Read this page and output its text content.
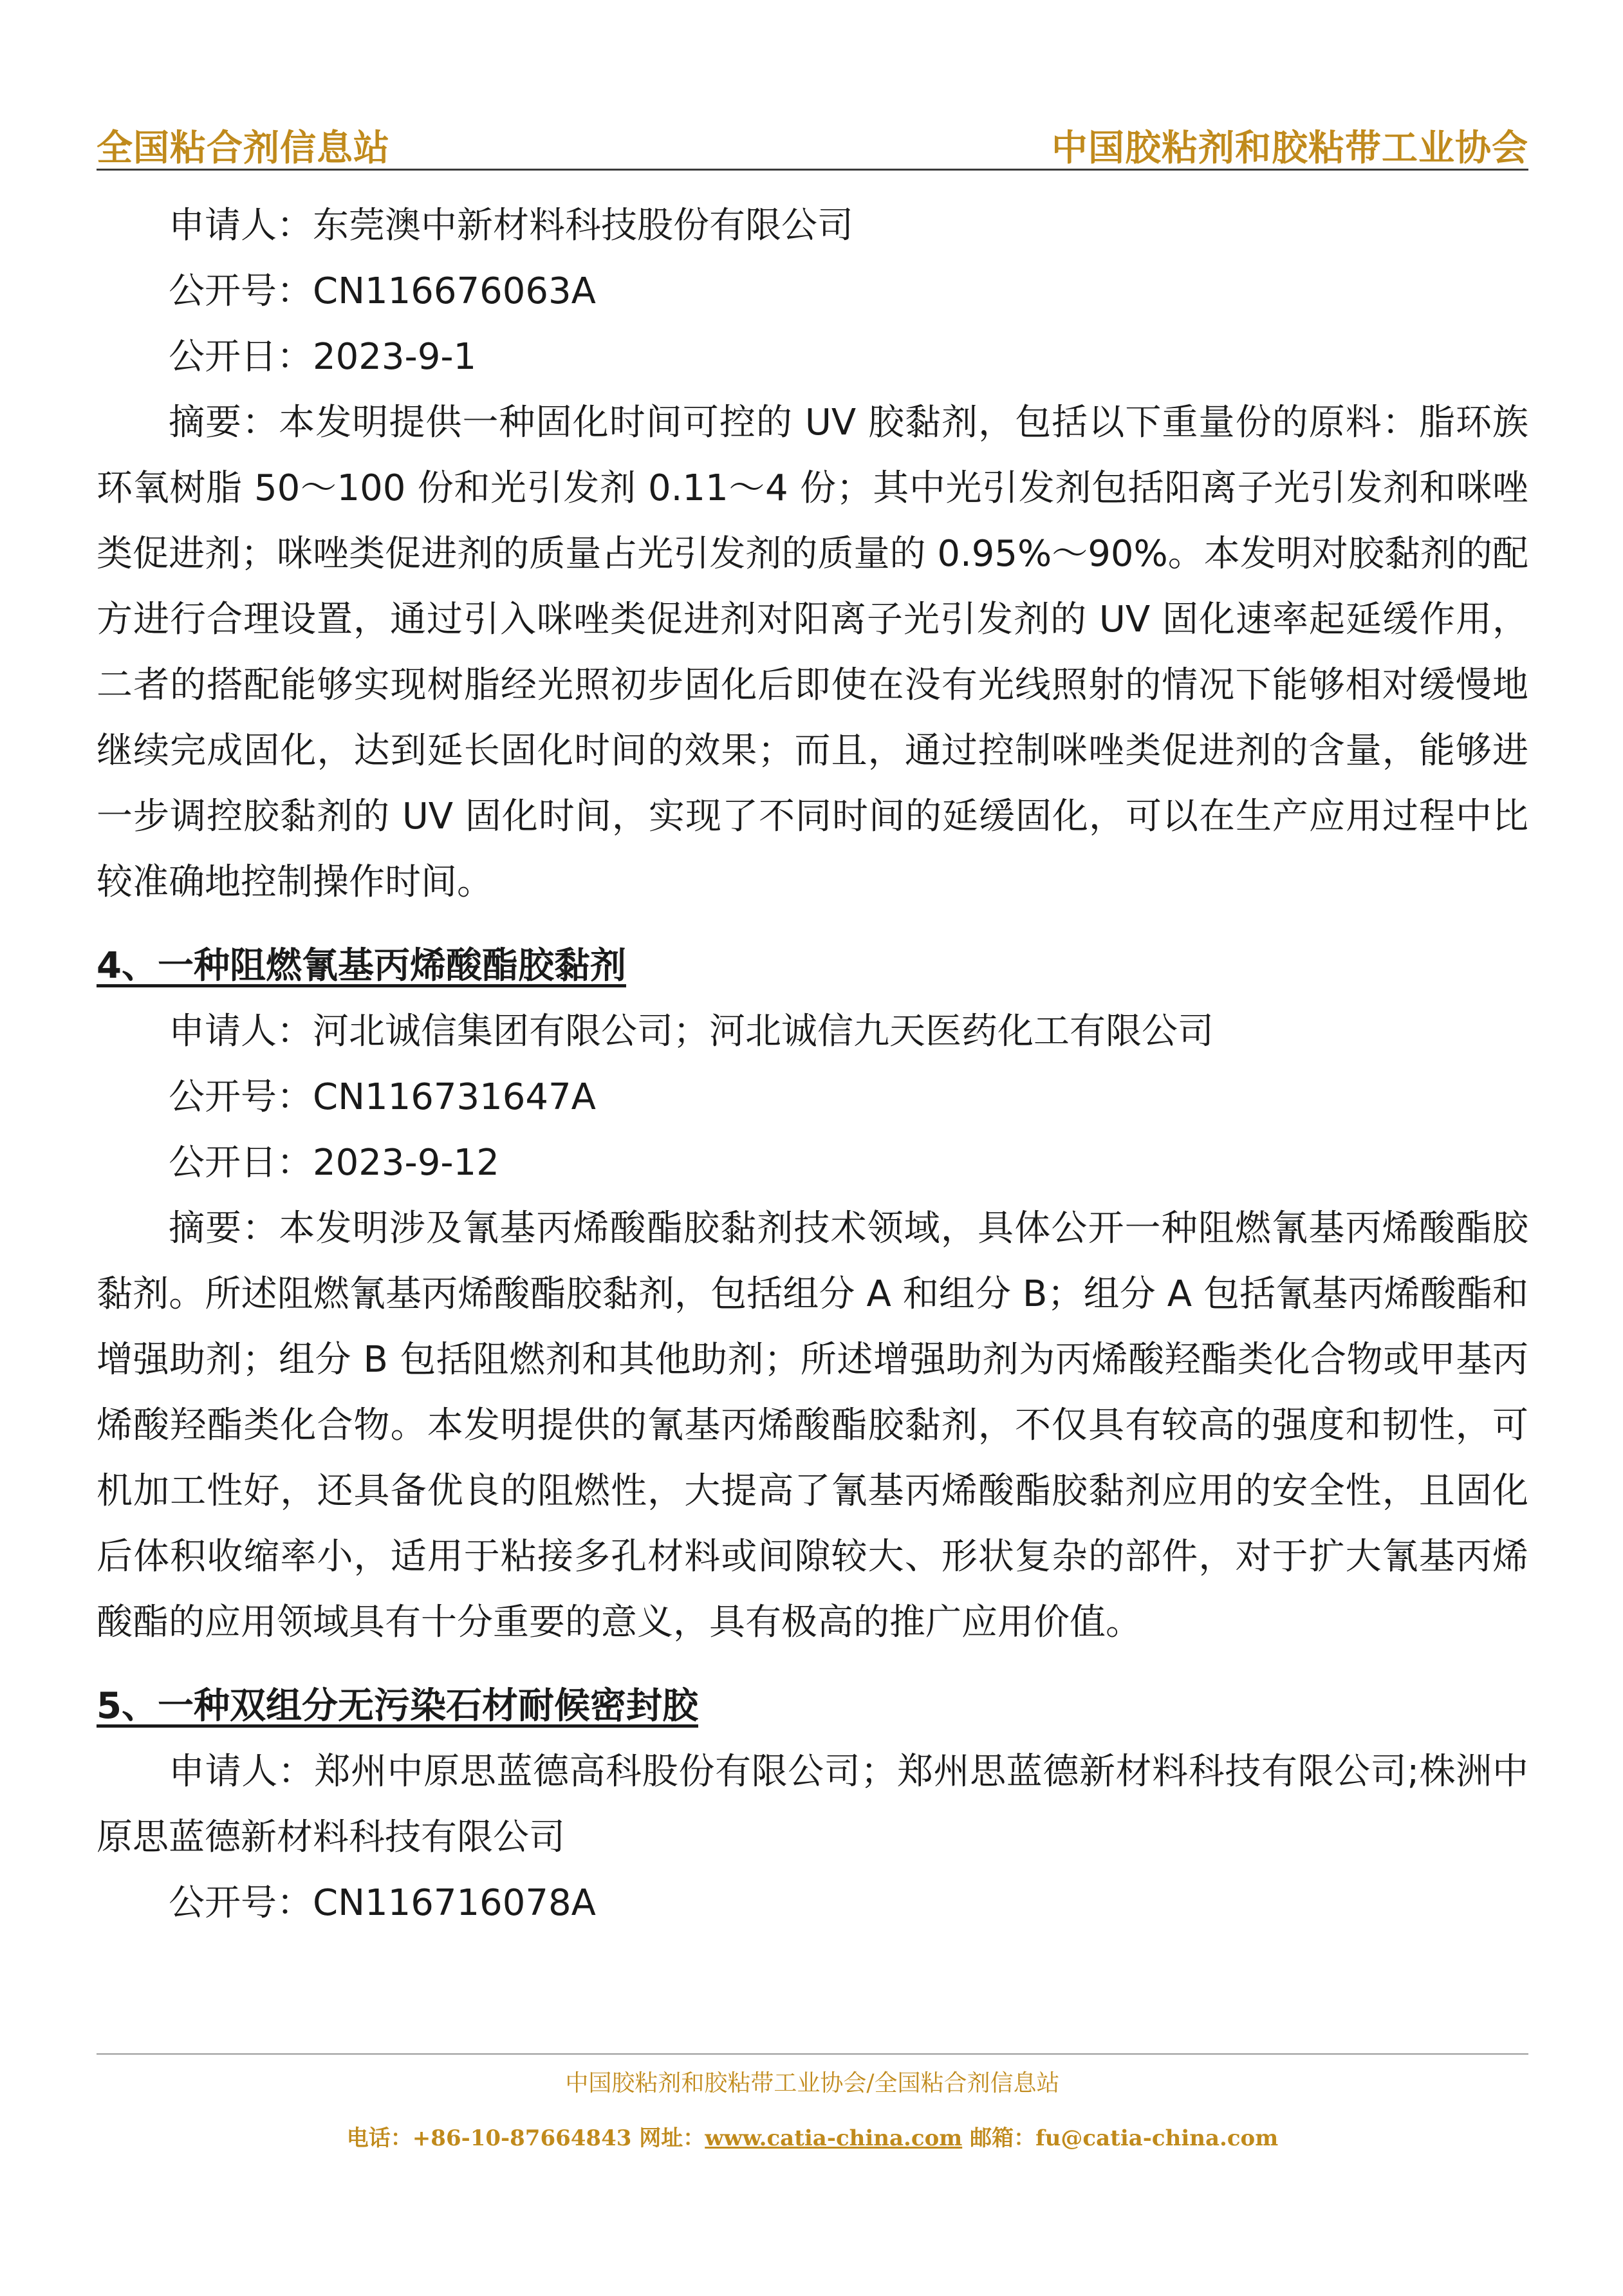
全国粘合剂信息站	中国胶粘剂和胶粘带工业协会

申请人：东莞澳中新材料科技股份有限公司

公开号：CN116676063A

公开日：2023-9-1

摘要：本发明提供一种固化时间可控的 UV 胶黏剂，包括以下重量份的原料：脂环族环氧树脂 50～100 份和光引发剂 0.11～4 份；其中光引发剂包括阳离子光引发剂和咪唑类促进剂；咪唑类促进剂的质量占光引发剂的质量的 0.95%～90%。本发明对胶黏剂的配方进行合理设置，通过引入咪唑类促进剂对阳离子光引发剂的 UV 固化速率起延缓作用，二者的搭配能够实现树脂经光照初步固化后即使在没有光线照射的情况下能够相对缓慢地继续完成固化，达到延长固化时间的效果；而且，通过控制咪唑类促进剂的含量，能够进一步调控胶黏剂的 UV 固化时间，实现了不同时间的延缓固化，可以在生产应用过程中比较准确地控制操作时间。

4、一种阻燃氰基丙烯酸酯胶黏剂

申请人：河北诚信集团有限公司；河北诚信九天医药化工有限公司

公开号：CN116731647A

公开日：2023-9-12

摘要：本发明涉及氰基丙烯酸酯胶黏剂技术领域，具体公开一种阻燃氰基丙烯酸酯胶黏剂。所述阻燃氰基丙烯酸酯胶黏剂，包括组分 A 和组分 B；组分 A 包括氰基丙烯酸酯和增强助剂；组分 B 包括阻燃剂和其他助剂；所述增强助剂为丙烯酸羟酯类化合物或甲基丙烯酸羟酯类化合物。本发明提供的氰基丙烯酸酯胶黏剂，不仅具有较高的强度和韧性，可机加工性好，还具备优良的阻燃性，大提高了氰基丙烯酸酯胶黏剂应用的安全性，且固化后体积收缩率小，适用于粘接多孔材料或间隙较大、形状复杂的部件，对于扩大氰基丙烯酸酯的应用领域具有十分重要的意义，具有极高的推广应用价值。

5、一种双组分无污染石材耐候密封胶

申请人：郑州中原思蓝德高科股份有限公司；郑州思蓝德新材料科技有限公司;株洲中原思蓝德新材料科技有限公司

公开号：CN116716078A

中国胶粘剂和胶粘带工业协会/全国粘合剂信息站
电话：+86-10-87664843 网址：www.catia-china.com 邮箱：fu@catia-china.com
